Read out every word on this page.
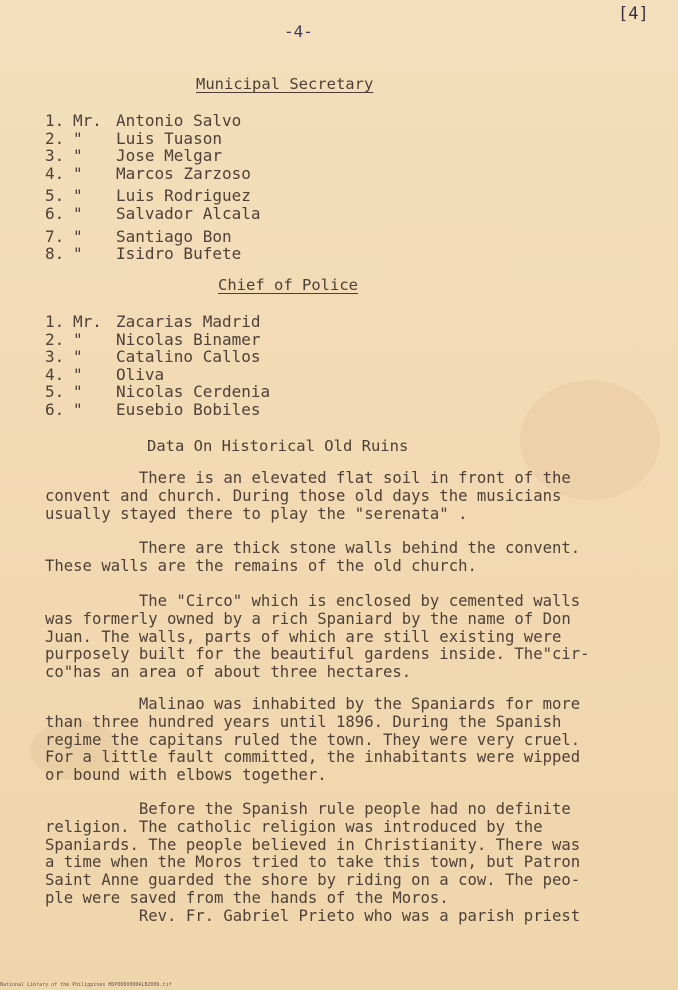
-4-
[4]
Municipal Secretary
1. Mr. Antonio Salvo
2. " Luis Tuason
3. " Jose Melgar
4. " Marcos Zarzoso
5. " Luis Rodriguez
6. " Salvador Alcala
7. " Santiago Bon
8. " Isidro Bufete
Chief of Police
1. Mr. Zacarias Madrid
2. " Nicolas Binamer
3. " Catalino Callos
4. " Oliva
5. " Nicolas Cerdenia
6. " Eusebio Bobiles
Data On Historical Old Ruins
There is an elevated flat soil in front of the
convent and church. During those old days the musicians
usually stayed there to play the "serenata" .
There are thick stone walls behind the convent.
These walls are the remains of the old church.
The "Circo" which is enclosed by cemented walls
was formerly owned by a rich Spaniard by the name of Don
Juan. The walls, parts of which are still existing were
purposely built for the beautiful gardens inside. The"cir-
co"has an area of about three hectares.
Malinao was inhabited by the Spaniards for more
than three hundred years until 1896. During the Spanish
regime the capitans ruled the town. They were very cruel.
For a little fault committed, the inhabitants were wipped
or bound with elbows together.
Before the Spanish rule people had no definite
religion. The catholic religion was introduced by the
Spaniards. The people believed in Christianity. There was
a time when the Moros tried to take this town, but Patron
Saint Anne guarded the shore by riding on a cow. The peo-
ple were saved from the hands of the Moros.
Rev. Fr. Gabriel Prieto who was a parish priest
National Library of the Philippines HDP0000000ALB2006.tif
